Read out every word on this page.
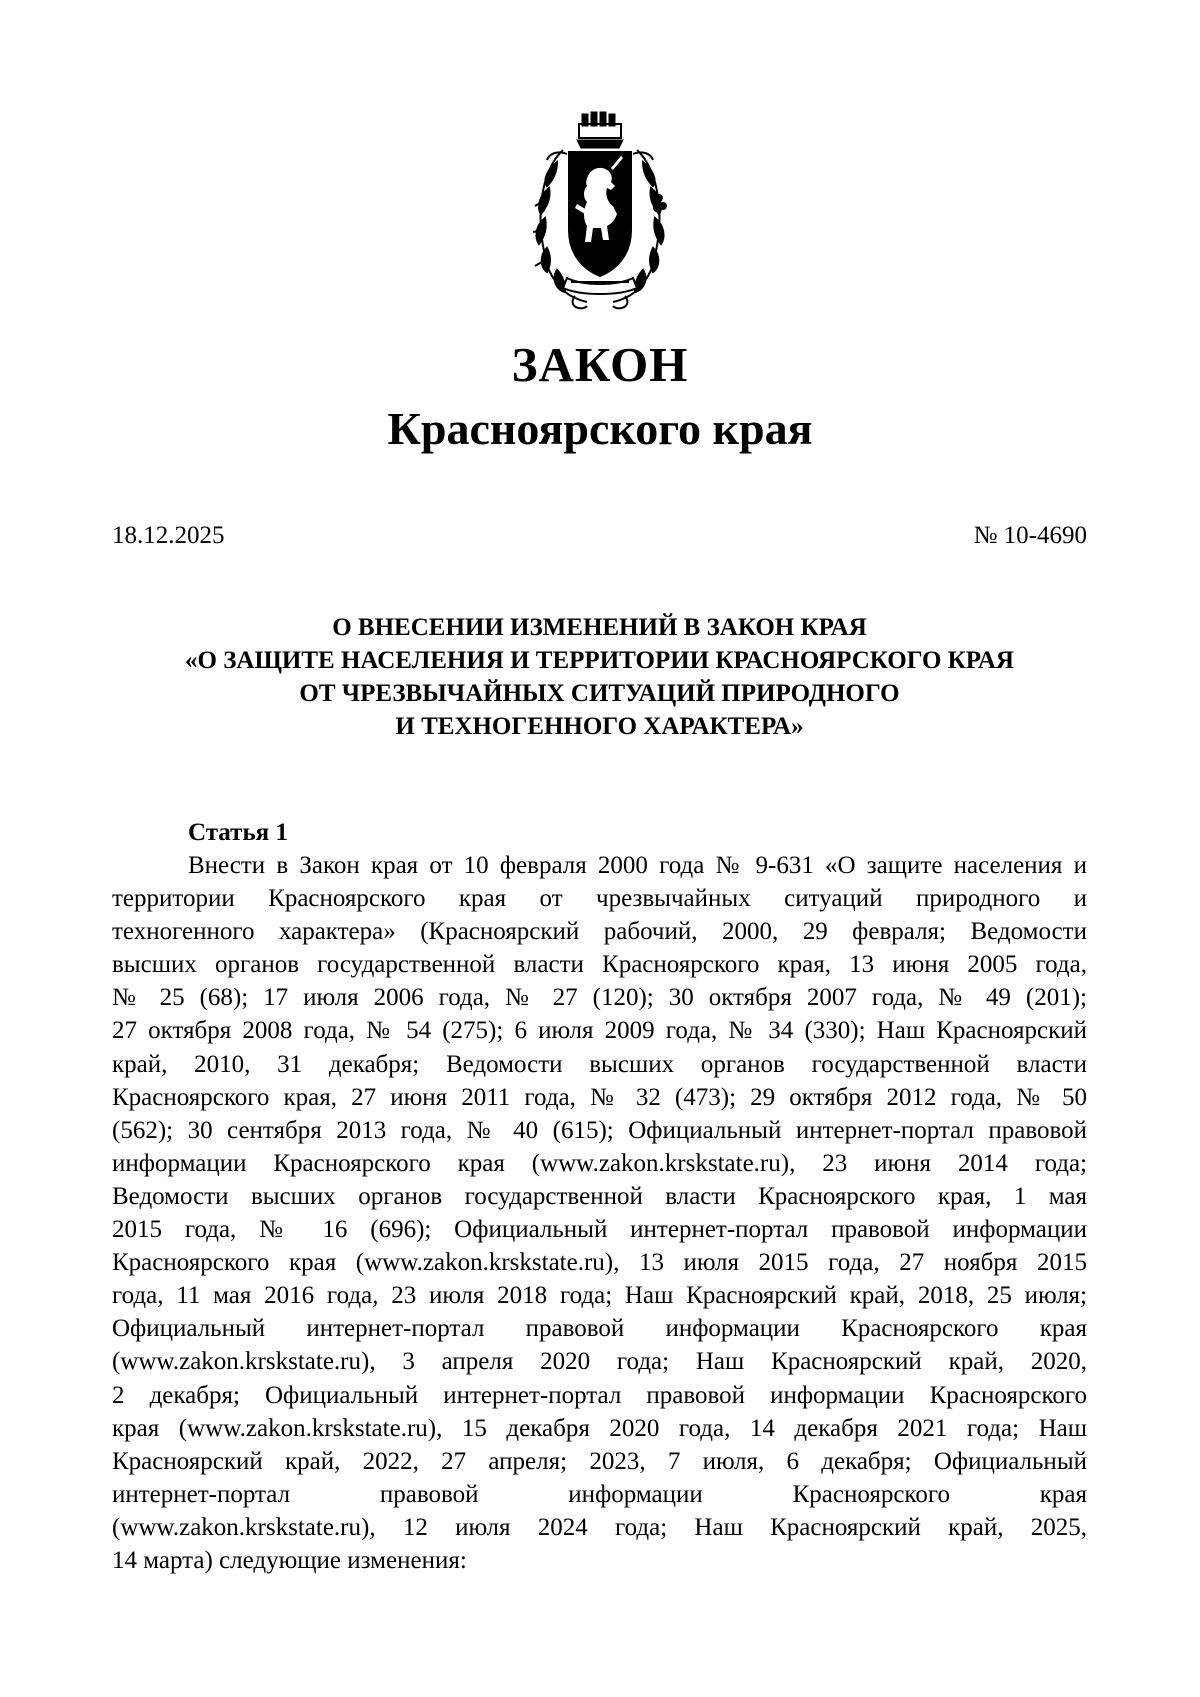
ЗАКОН
Красноярского края
18.12.2025	№ 10-4690
О ВНЕСЕНИИ ИЗМЕНЕНИЙ В ЗАКОН КРАЯ
«О ЗАЩИТЕ НАСЕЛЕНИЯ И ТЕРРИТОРИИ КРАСНОЯРСКОГО КРАЯ
ОТ ЧРЕЗВЫЧАЙНЫХ СИТУАЦИЙ ПРИРОДНОГО
И ТЕХНОГЕННОГО ХАРАКТЕРА»
Статья 1
Внести в Закон края от 10 февраля 2000 года № 9-631 «О защите населения и
территории Красноярского края от чрезвычайных ситуаций природного и
техногенного характера» (Красноярский рабочий, 2000, 29 февраля; Ведомости
высших органов государственной власти Красноярского края, 13 июня 2005 года,
№ 25 (68); 17 июля 2006 года, № 27 (120); 30 октября 2007 года, № 49 (201);
27 октября 2008 года, № 54 (275); 6 июля 2009 года, № 34 (330); Наш Красноярский
край, 2010, 31 декабря; Ведомости высших органов государственной власти
Красноярского края, 27 июня 2011 года, № 32 (473); 29 октября 2012 года, № 50
(562); 30 сентября 2013 года, № 40 (615); Официальный интернет-портал правовой
информации Красноярского края (www.zakon.krskstate.ru), 23 июня 2014 года;
Ведомости высших органов государственной власти Красноярского края, 1 мая
2015 года, № 16 (696); Официальный интернет-портал правовой информации
Красноярского края (www.zakon.krskstate.ru), 13 июля 2015 года, 27 ноября 2015
года, 11 мая 2016 года, 23 июля 2018 года; Наш Красноярский край, 2018, 25 июля;
Официальный интернет-портал правовой информации Красноярского края
(www.zakon.krskstate.ru), 3 апреля 2020 года; Наш Красноярский край, 2020,
2 декабря; Официальный интернет-портал правовой информации Красноярского
края (www.zakon.krskstate.ru), 15 декабря 2020 года, 14 декабря 2021 года; Наш
Красноярский край, 2022, 27 апреля; 2023, 7 июля, 6 декабря; Официальный
интернет-портал правовой информации Красноярского края
(www.zakon.krskstate.ru), 12 июля 2024 года; Наш Красноярский край, 2025,
14 марта) следующие изменения:
